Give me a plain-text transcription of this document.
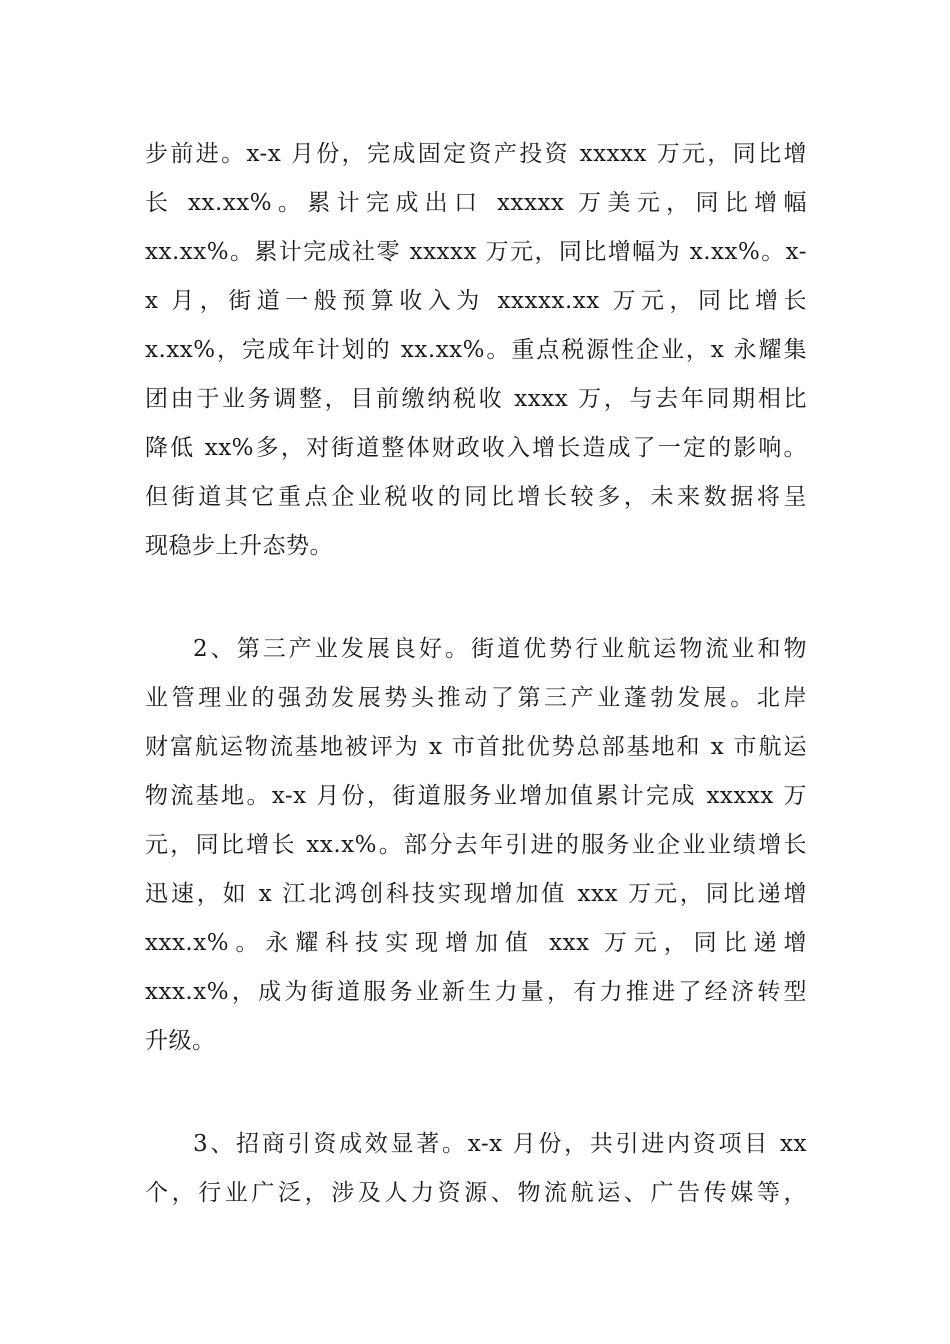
步前进。x-x 月份，完成固定资产投资 xxxxx 万元，同比增
长 xx.xx%。累计完成出口 xxxxx 万美元，同比增幅
xx.xx%。累计完成社零 xxxxx 万元，同比增幅为 x.xx%。x-
x 月，街道一般预算收入为 xxxxx.xx 万元，同比增长
x.xx%，完成年计划的 xx.xx%。重点税源性企业，x 永耀集
团由于业务调整，目前缴纳税收 xxxx 万，与去年同期相比
降低 xx%多，对街道整体财政收入增长造成了一定的影响。
但街道其它重点企业税收的同比增长较多，未来数据将呈
现稳步上升态势。
2、第三产业发展良好。街道优势行业航运物流业和物
业管理业的强劲发展势头推动了第三产业蓬勃发展。北岸
财富航运物流基地被评为 x 市首批优势总部基地和 x 市航运
物流基地。x-x 月份，街道服务业增加值累计完成 xxxxx 万
元，同比增长 xx.x%。部分去年引进的服务业企业业绩增长
迅速，如 x 江北鸿创科技实现增加值 xxx 万元，同比递增
xxx.x%。永耀科技实现增加值 xxx 万元，同比递增
xxx.x%，成为街道服务业新生力量，有力推进了经济转型
升级。
3、招商引资成效显著。x-x 月份，共引进内资项目 xx
个，行业广泛，涉及人力资源、物流航运、广告传媒等，
